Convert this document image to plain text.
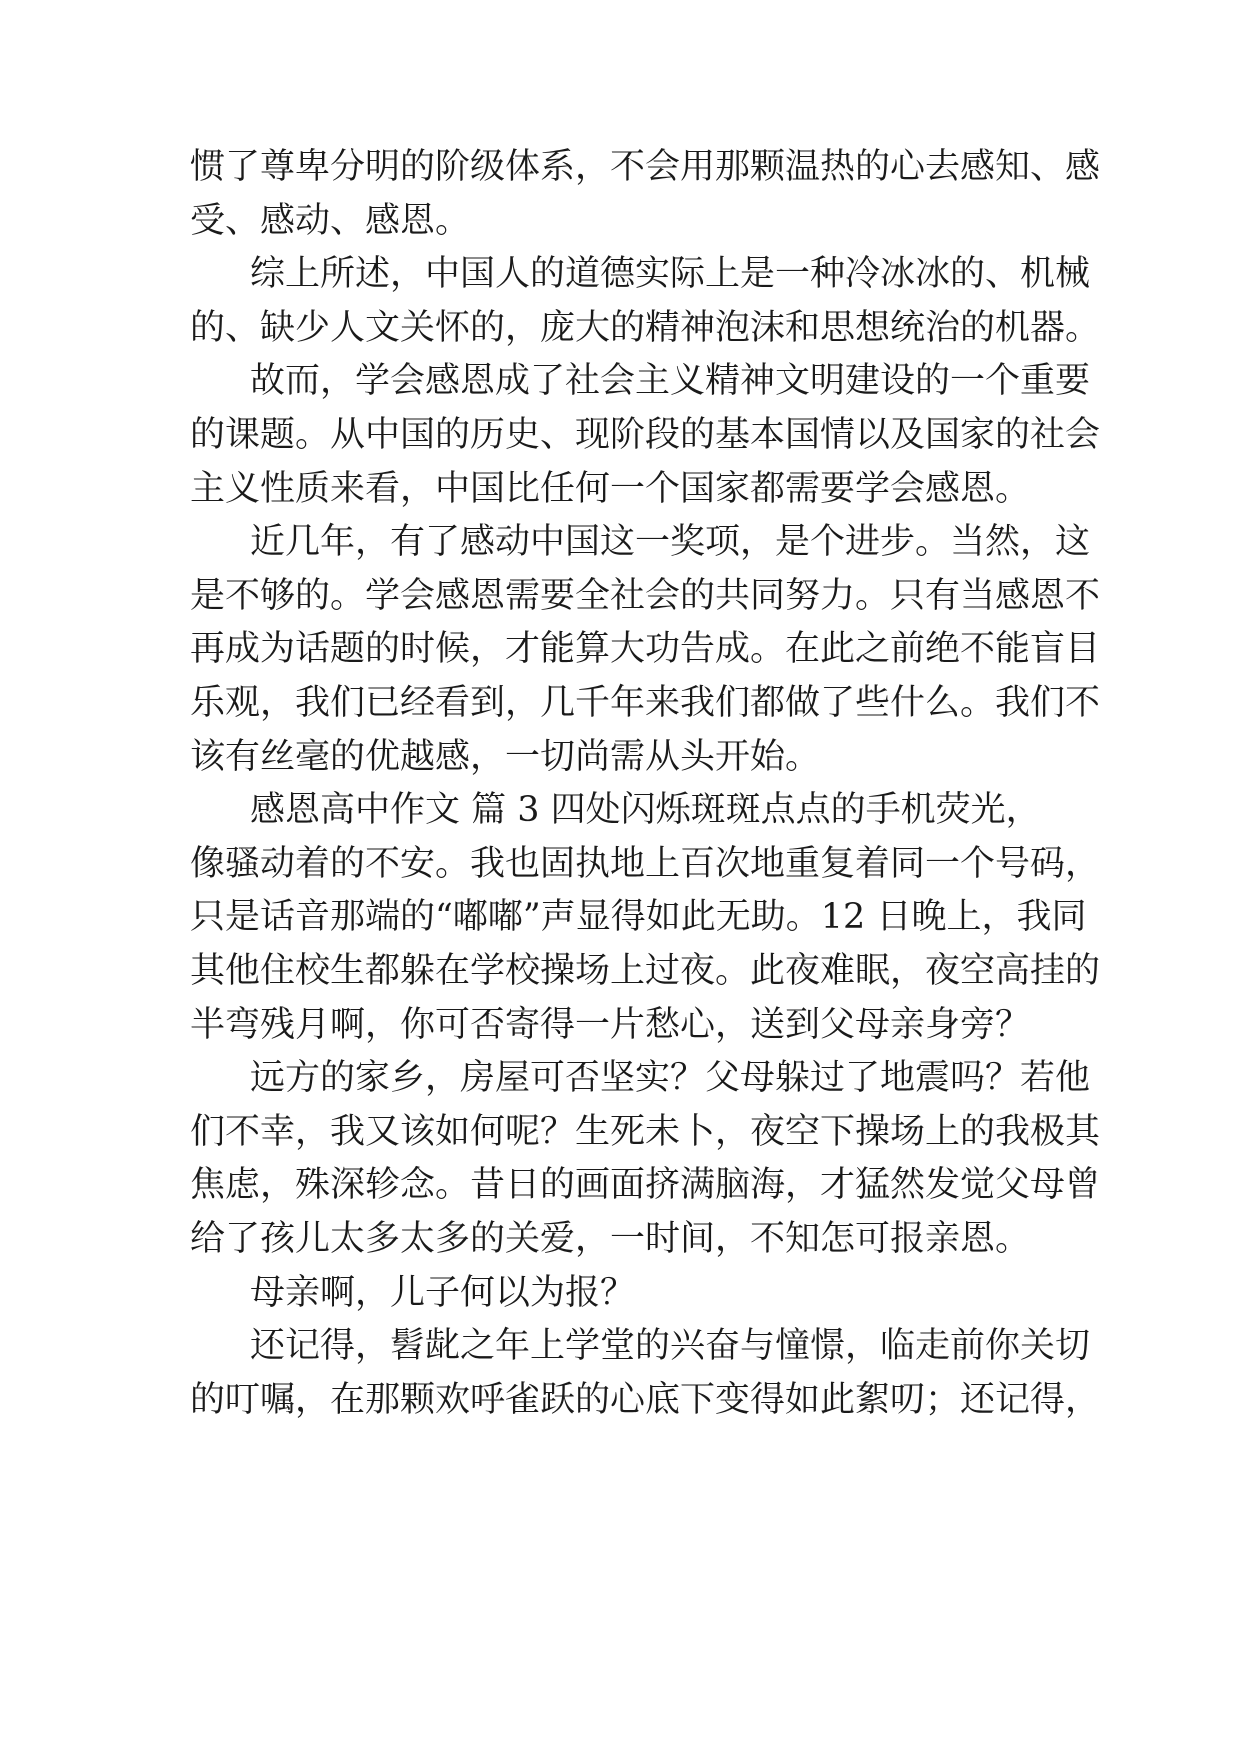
惯了尊卑分明的阶级体系，不会用那颗温热的心去感知、感
受、感动、感恩。
综上所述，中国人的道德实际上是一种冷冰冰的、机械
的、缺少人文关怀的，庞大的精神泡沫和思想统治的机器。
故而，学会感恩成了社会主义精神文明建设的一个重要
的课题。从中国的历史、现阶段的基本国情以及国家的社会
主义性质来看，中国比任何一个国家都需要学会感恩。
近几年，有了感动中国这一奖项，是个进步。当然，这
是不够的。学会感恩需要全社会的共同努力。只有当感恩不
再成为话题的时候，才能算大功告成。在此之前绝不能盲目
乐观，我们已经看到，几千年来我们都做了些什么。我们不
该有丝毫的优越感，一切尚需从头开始。
感恩高中作文 篇 3 四处闪烁斑斑点点的手机荧光，
像骚动着的不安。我也固执地上百次地重复着同一个号码，
只是话音那端的“嘟嘟”声显得如此无助。12 日晚上，我同
其他住校生都躲在学校操场上过夜。此夜难眠，夜空高挂的
半弯残月啊，你可否寄得一片愁心，送到父母亲身旁？
远方的家乡，房屋可否坚实？父母躲过了地震吗？若他
们不幸，我又该如何呢？生死未卜，夜空下操场上的我极其
焦虑，殊深轸念。昔日的画面挤满脑海，才猛然发觉父母曾
给了孩儿太多太多的关爱，一时间，不知怎可报亲恩。
母亲啊，儿子何以为报？
还记得，髫龀之年上学堂的兴奋与憧憬，临走前你关切
的叮嘱，在那颗欢呼雀跃的心底下变得如此絮叨；还记得，
